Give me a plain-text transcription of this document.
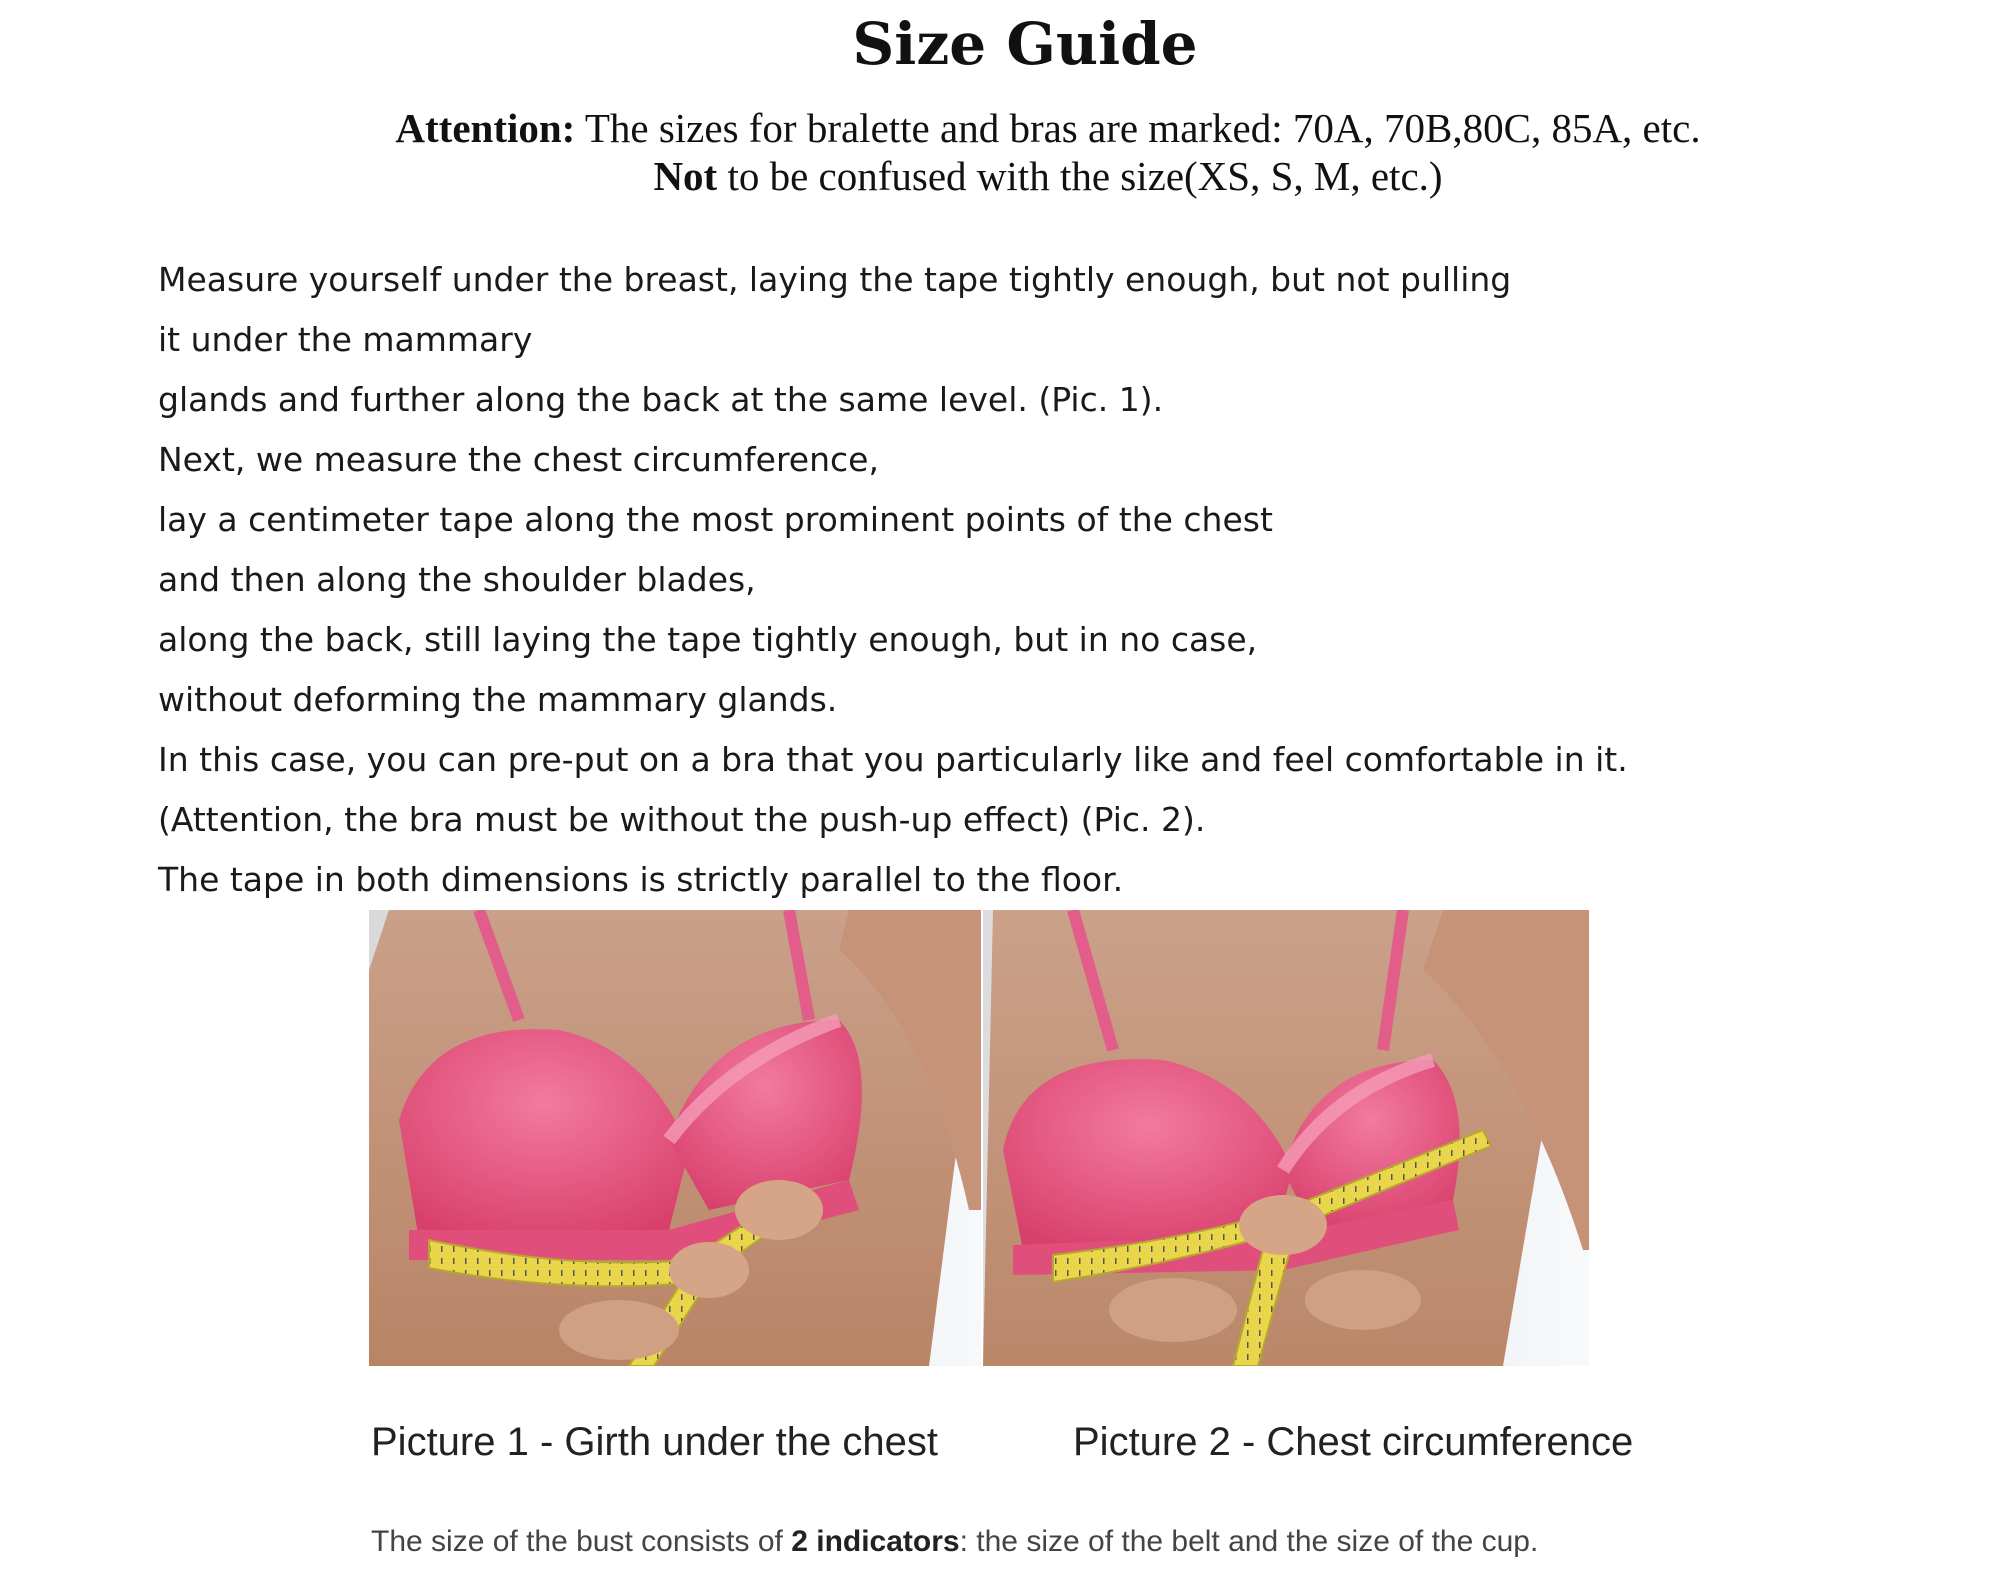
Size Guide
Attention: The sizes for bralette and bras are marked: 70A, 70B,80C, 85A, etc.
Not to be confused with the size(XS, S, M, etc.)
Measure yourself under the breast, laying the tape tightly enough, but not pulling
it under the mammary
glands and further along the back at the same level. (Pic. 1).
Next, we measure the chest circumference,
lay a centimeter tape along the most prominent points of the chest
and then along the shoulder blades,
along the back, still laying the tape tightly enough, but in no case,
without deforming the mammary glands.
In this case, you can pre-put on a bra that you particularly like and feel comfortable in it.
(Attention, the bra must be without the push-up effect) (Pic. 2).
The tape in both dimensions is strictly parallel to the floor.
Picture 1 - Girth under the chest	Picture 2 - Chest circumference
The size of the bust consists of 2 indicators: the size of the belt and the size of the cup.
